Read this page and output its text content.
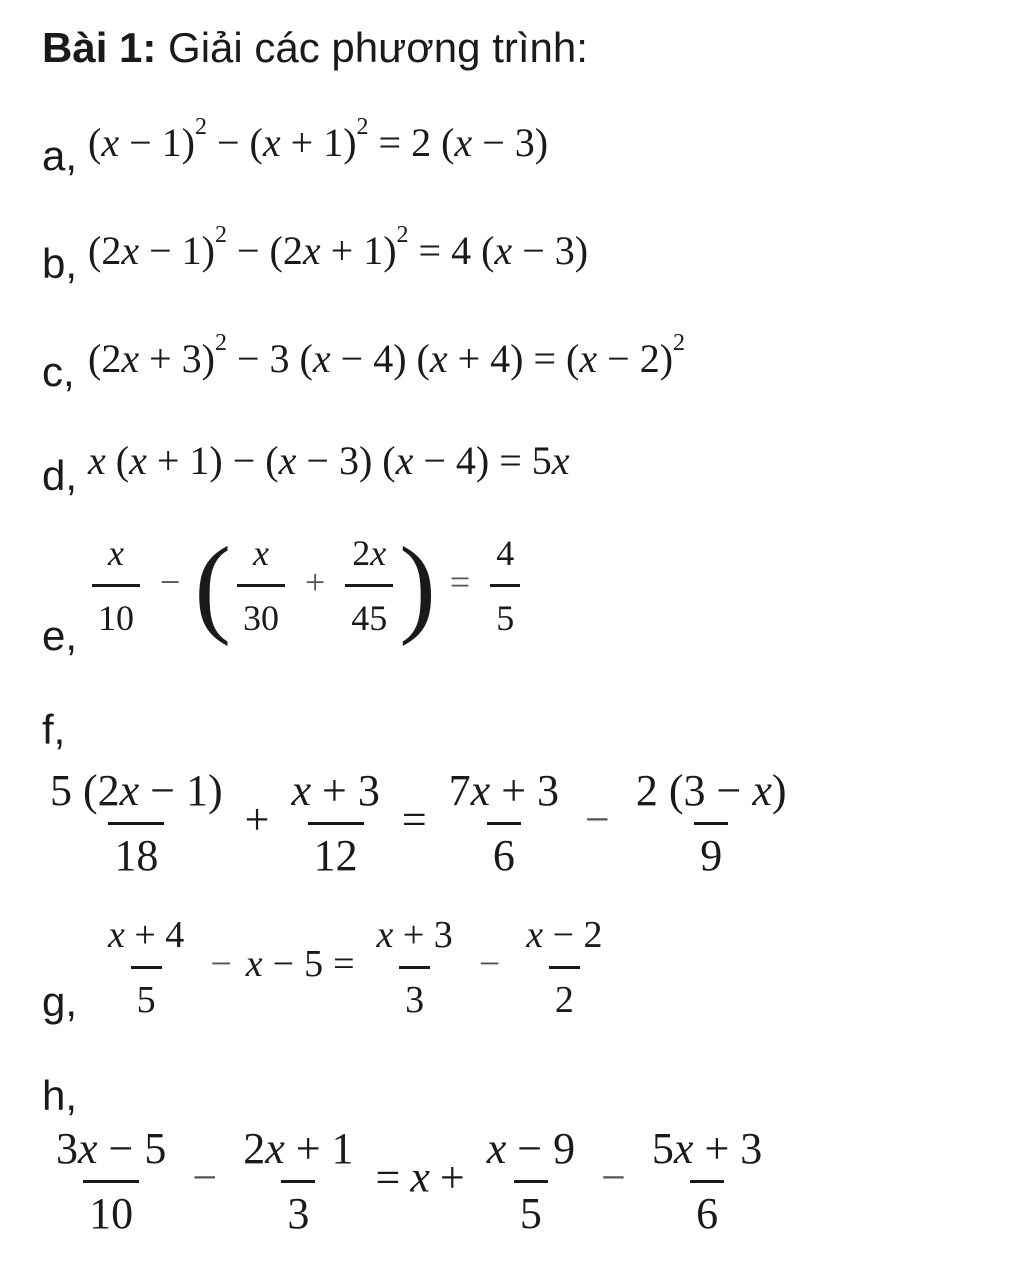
Bài 1: Giải các phương trình:
a, $(x - 1)^2 - (x + 1)^2 = 2$ (x − 3)
b, $(2x - 1)^2 - (2x + 1)^2 = 4$ (x − 3)
c, $(2x + 3)^2 - 3$ (x − 4) $(x + 4) = (x - 2)^2$
d, x (x + 1) − (x − 3) (x − 4) = 5x
e, $\frac{x}{10}$ − ( $\frac{x}{30} + \frac{2x}{45}$ ) = $\frac{4}{5}$
f,
$\frac{5 (2x - 1)}{18} + \frac{x + 3}{12} = \frac{7x + 3}{6} - \frac{2 (3 - x)}{9}$
g, $\frac{x + 4}{5} - x - 5 = \frac{x + 3}{3} - \frac{x - 2}{2}$
h,
$\frac{3x - 5}{10} - \frac{2x + 1}{3} = x + \frac{x - 9}{5} - \frac{5x + 3}{6}$
